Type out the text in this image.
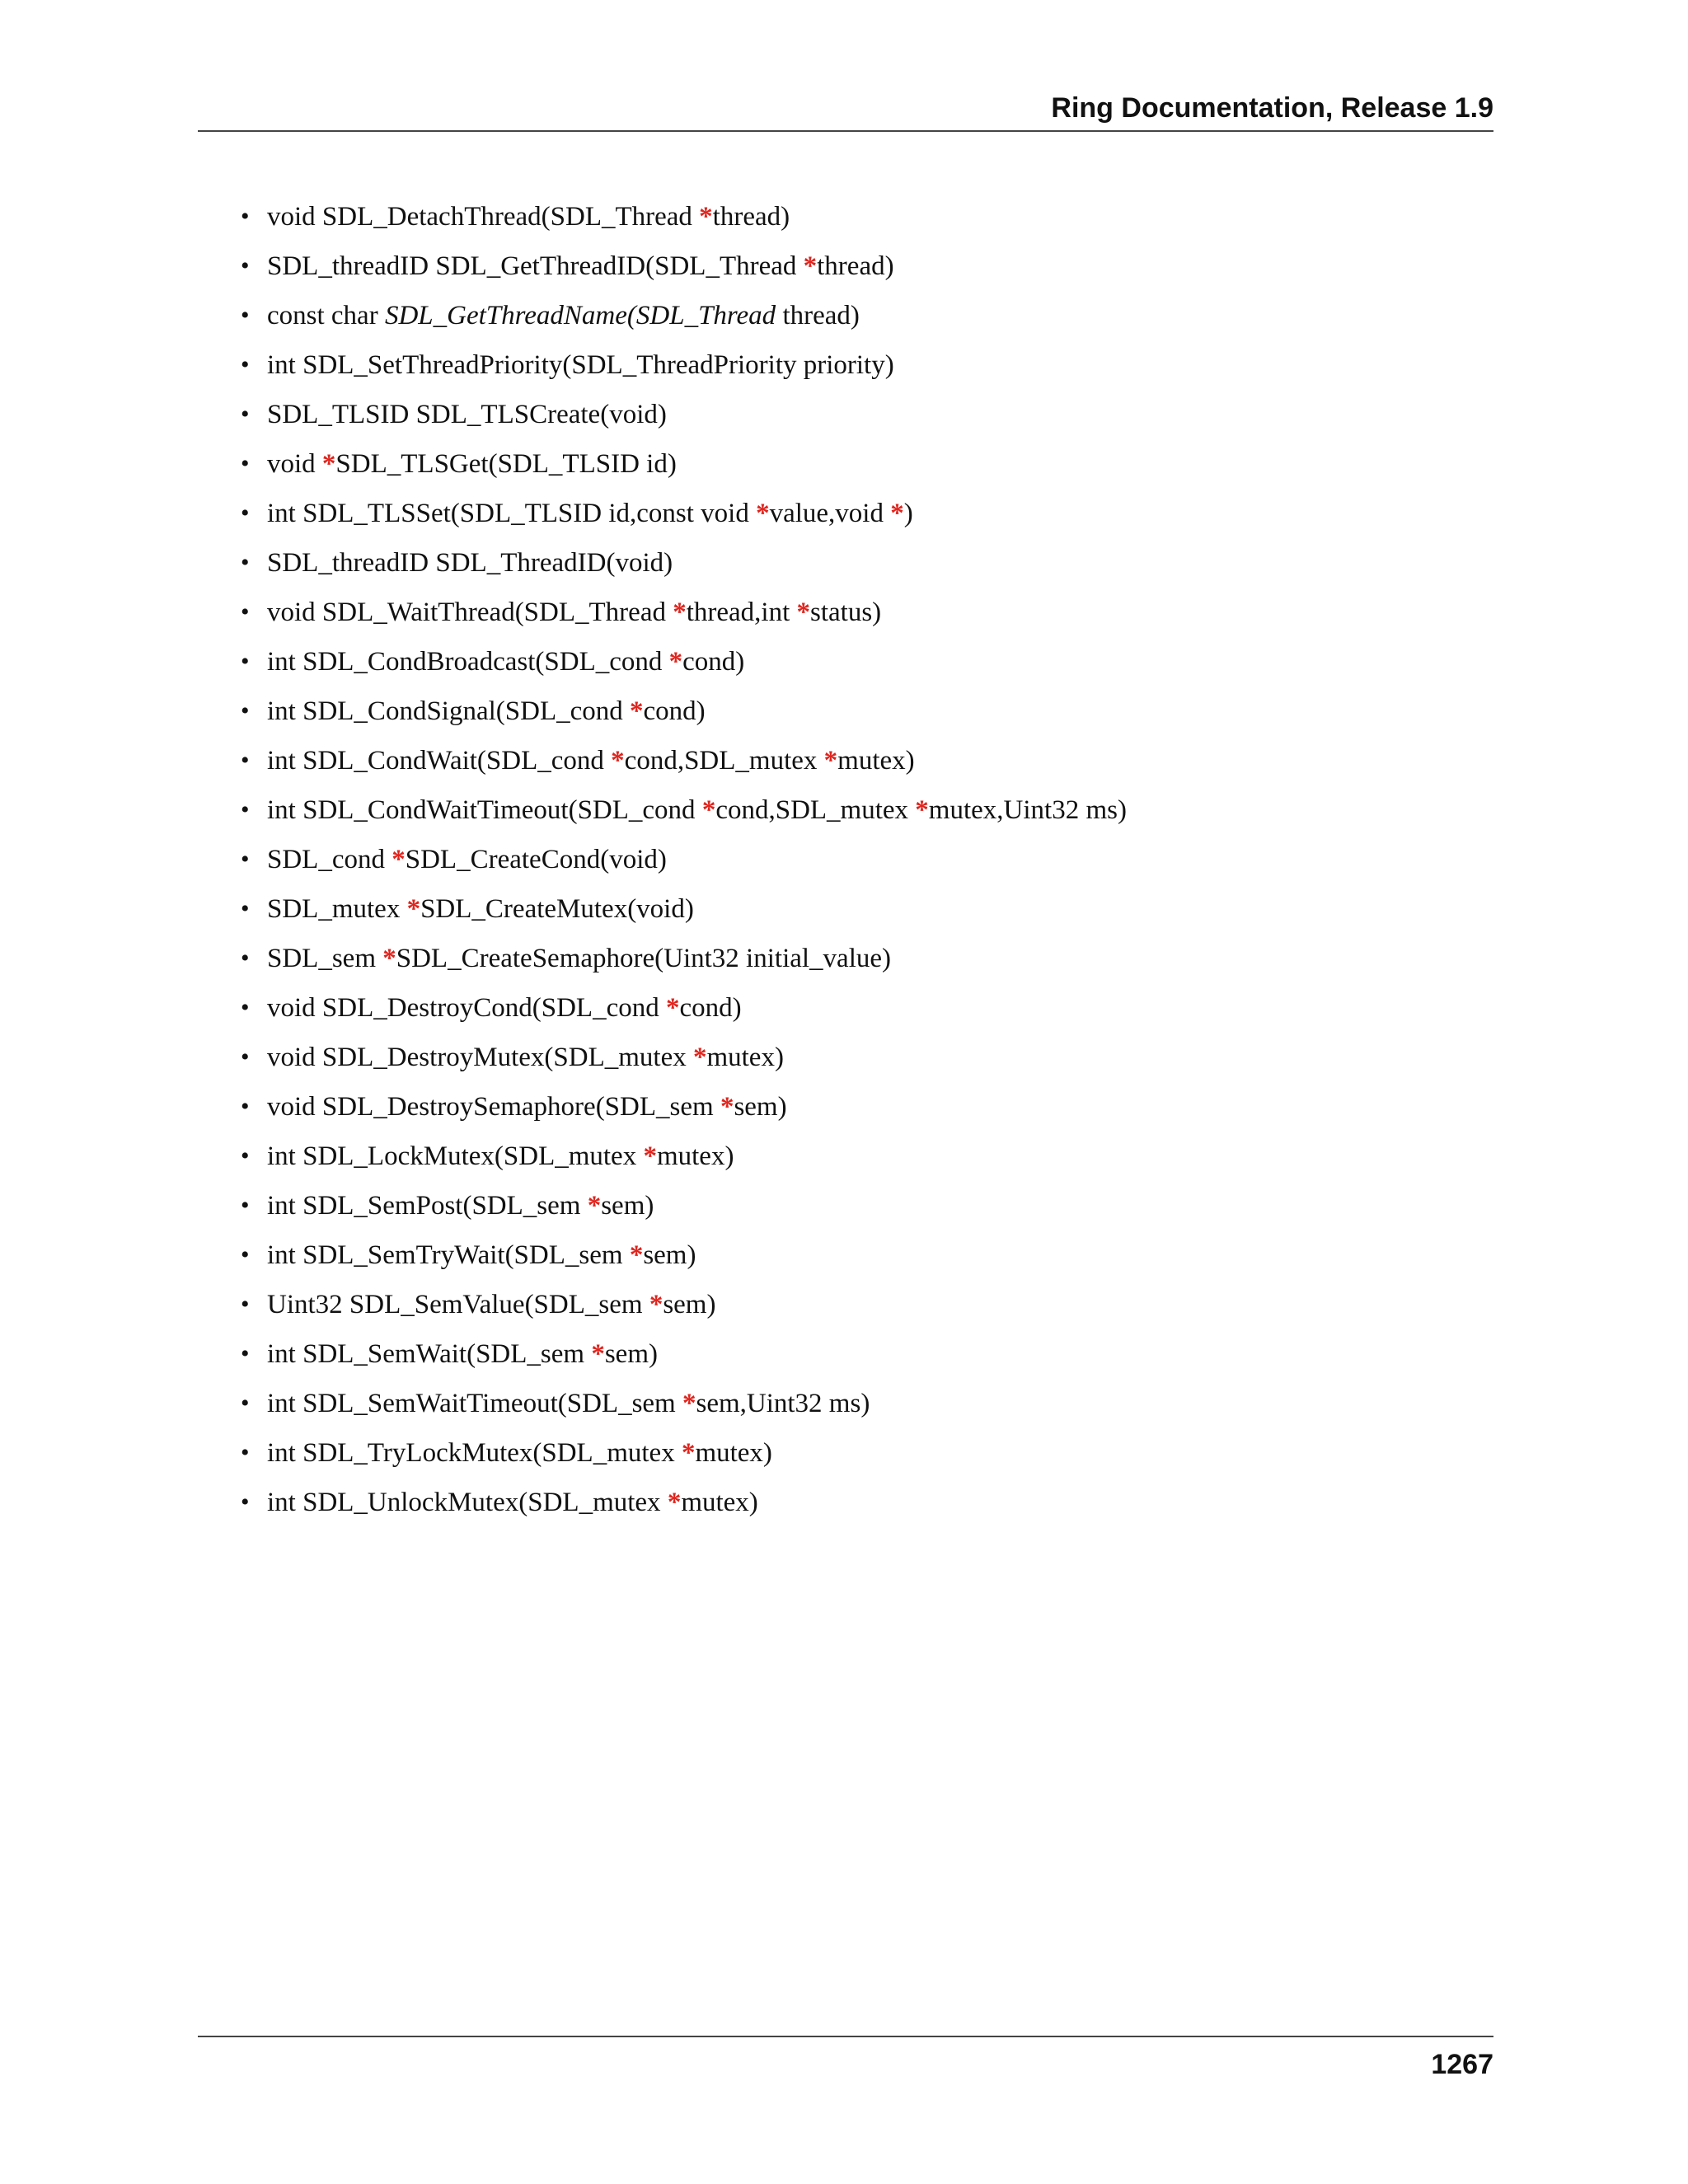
Ring Documentation, Release 1.9
• void SDL_DetachThread(SDL_Thread *thread)
• SDL_threadID SDL_GetThreadID(SDL_Thread *thread)
• const char SDL_GetThreadName(SDL_Thread thread)
• int SDL_SetThreadPriority(SDL_ThreadPriority priority)
• SDL_TLSID SDL_TLSCreate(void)
• void *SDL_TLSGet(SDL_TLSID id)
• int SDL_TLSSet(SDL_TLSID id,const void *value,void *)
• SDL_threadID SDL_ThreadID(void)
• void SDL_WaitThread(SDL_Thread *thread,int *status)
• int SDL_CondBroadcast(SDL_cond *cond)
• int SDL_CondSignal(SDL_cond *cond)
• int SDL_CondWait(SDL_cond *cond,SDL_mutex *mutex)
• int SDL_CondWaitTimeout(SDL_cond *cond,SDL_mutex *mutex,Uint32 ms)
• SDL_cond *SDL_CreateCond(void)
• SDL_mutex *SDL_CreateMutex(void)
• SDL_sem *SDL_CreateSemaphore(Uint32 initial_value)
• void SDL_DestroyCond(SDL_cond *cond)
• void SDL_DestroyMutex(SDL_mutex *mutex)
• void SDL_DestroySemaphore(SDL_sem *sem)
• int SDL_LockMutex(SDL_mutex *mutex)
• int SDL_SemPost(SDL_sem *sem)
• int SDL_SemTryWait(SDL_sem *sem)
• Uint32 SDL_SemValue(SDL_sem *sem)
• int SDL_SemWait(SDL_sem *sem)
• int SDL_SemWaitTimeout(SDL_sem *sem,Uint32 ms)
• int SDL_TryLockMutex(SDL_mutex *mutex)
• int SDL_UnlockMutex(SDL_mutex *mutex)
1267
